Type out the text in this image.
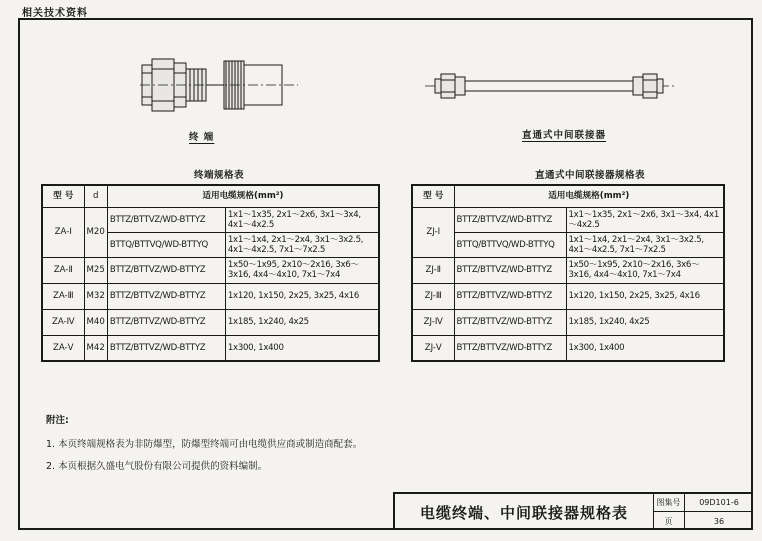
相关技术资料
终 端	直通式中间联接器
终端规格表
型 号	d	适用电缆规格(mm²)	
ZA-Ⅰ	M20	BTTZ/BTTVZ/WD-BTTYZ	1x1～1x35, 2x1～2x6, 3x1～3x4, 4x1～4x2.5
		BTTQ/BTTVQ/WD-BTTYQ	1x1～1x4, 2x1～2x4, 3x1～3x2.5, 4x1～4x2.5, 7x1～7x2.5
ZA-Ⅱ	M25	BTTZ/BTTVZ/WD-BTTYZ	1x50～1x95, 2x10～2x16, 3x6～3x16, 4x4～4x10, 7x1～7x4
ZA-Ⅲ	M32	BTTZ/BTTVZ/WD-BTTYZ	1x120, 1x150, 2x25, 3x25, 4x16
ZA-Ⅳ	M40	BTTZ/BTTVZ/WD-BTTYZ	1x185, 1x240, 4x25
ZA-Ⅴ	M42	BTTZ/BTTVZ/WD-BTTYZ	1x300, 1x400
直通式中间联接器规格表
型 号	适用电缆规格(mm²)	
ZJ-Ⅰ	BTTZ/BTTVZ/WD-BTTYZ	1x1～1x35, 2x1～2x6, 3x1～3x4, 4x1～4x2.5
	BTTQ/BTTVQ/WD-BTTYQ	1x1～1x4, 2x1～2x4, 3x1～3x2.5, 4x1～4x2.5, 7x1～7x2.5
ZJ-Ⅱ	BTTZ/BTTVZ/WD-BTTYZ	1x50～1x95, 2x10～2x16, 3x6～3x16, 4x4～4x10, 7x1～7x4
ZJ-Ⅲ	BTTZ/BTTVZ/WD-BTTYZ	1x120, 1x150, 2x25, 3x25, 4x16
ZJ-Ⅳ	BTTZ/BTTVZ/WD-BTTYZ	1x185, 1x240, 4x25
ZJ-Ⅴ	BTTZ/BTTVZ/WD-BTTYZ	1x300, 1x400
附注:
1. 本页终端规格表为非防爆型，防爆型终端可由电缆供应商或制造商配套。
2. 本页根据久盛电气股份有限公司提供的资料编制。
电缆终端、中间联接器规格表
图集号	09D101-6
页	36
